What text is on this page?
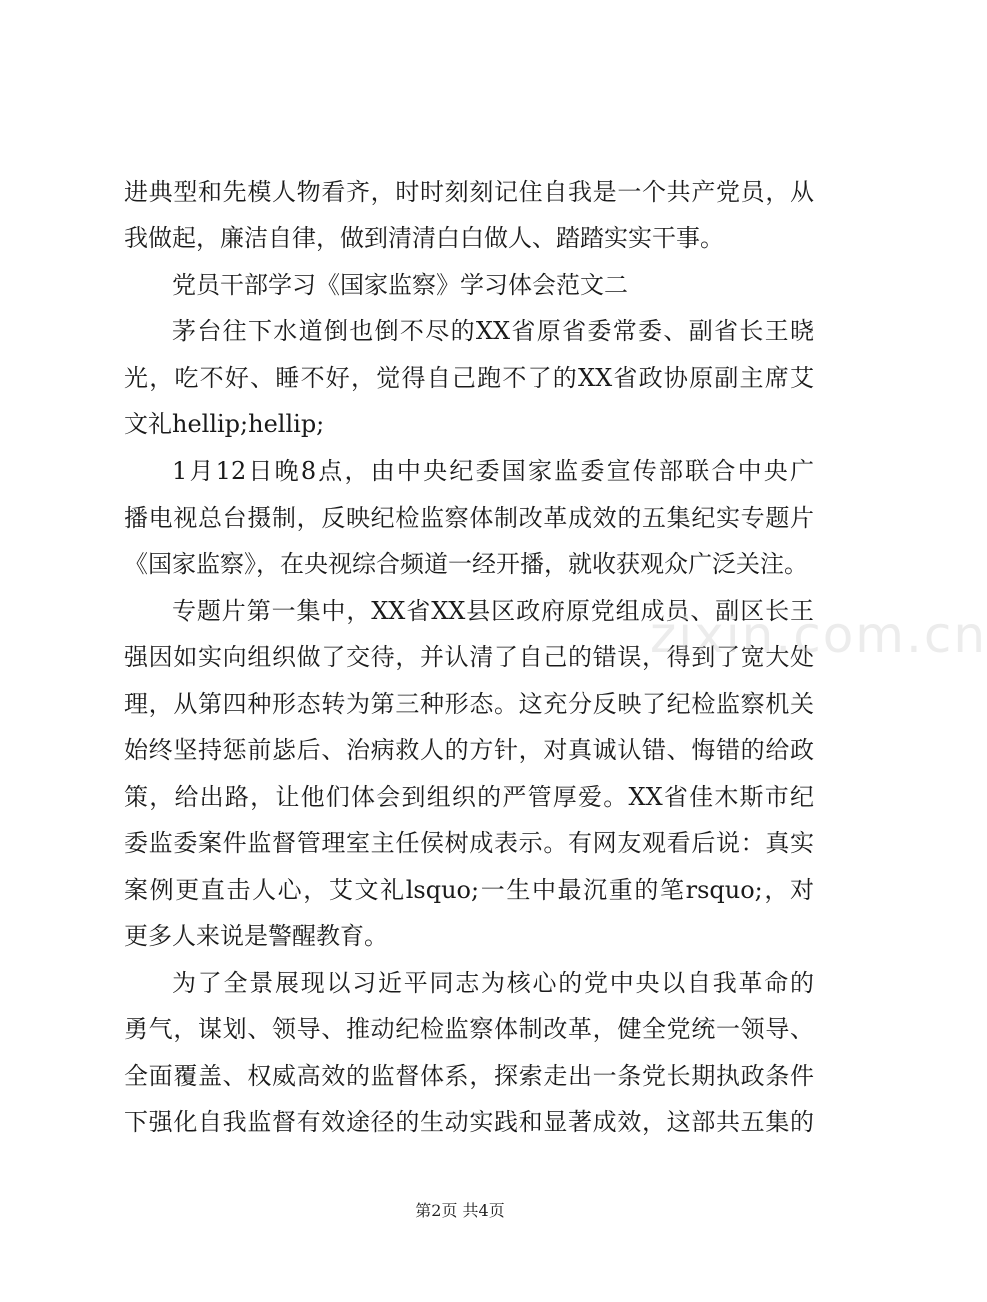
进典型和先模人物看齐，时时刻刻记住自我是一个共产党员，从
我做起，廉洁自律，做到清清白白做人、踏踏实实干事。
党员干部学习《国家监察》学习体会范文二
茅台往下水道倒也倒不尽的XX省原省委常委、副省长王晓
光，吃不好、睡不好，觉得自己跑不了的XX省政协原副主席艾
文礼hellip;hellip;
1月12日晚8点，由中央纪委国家监委宣传部联合中央广
播电视总台摄制，反映纪检监察体制改革成效的五集纪实专题片
《国家监察》，在央视综合频道一经开播，就收获观众广泛关注。
专题片第一集中，XX省XX县区政府原党组成员、副区长王
强因如实向组织做了交待，并认清了自己的错误，得到了宽大处
理，从第四种形态转为第三种形态。这充分反映了纪检监察机关
始终坚持惩前毖后、治病救人的方针，对真诚认错、悔错的给政
策，给出路，让他们体会到组织的严管厚爱。XX省佳木斯市纪
委监委案件监督管理室主任侯树成表示。有网友观看后说：真实
案例更直击人心，艾文礼lsquo;一生中最沉重的笔rsquo;，对
更多人来说是警醒教育。
为了全景展现以习近平同志为核心的党中央以自我革命的
勇气，谋划、领导、推动纪检监察体制改革，健全党统一领导、
全面覆盖、权威高效的监督体系，探索走出一条党长期执政条件
下强化自我监督有效途径的生动实践和显著成效，这部共五集的
zixin.com.cn
第2页 共4页
